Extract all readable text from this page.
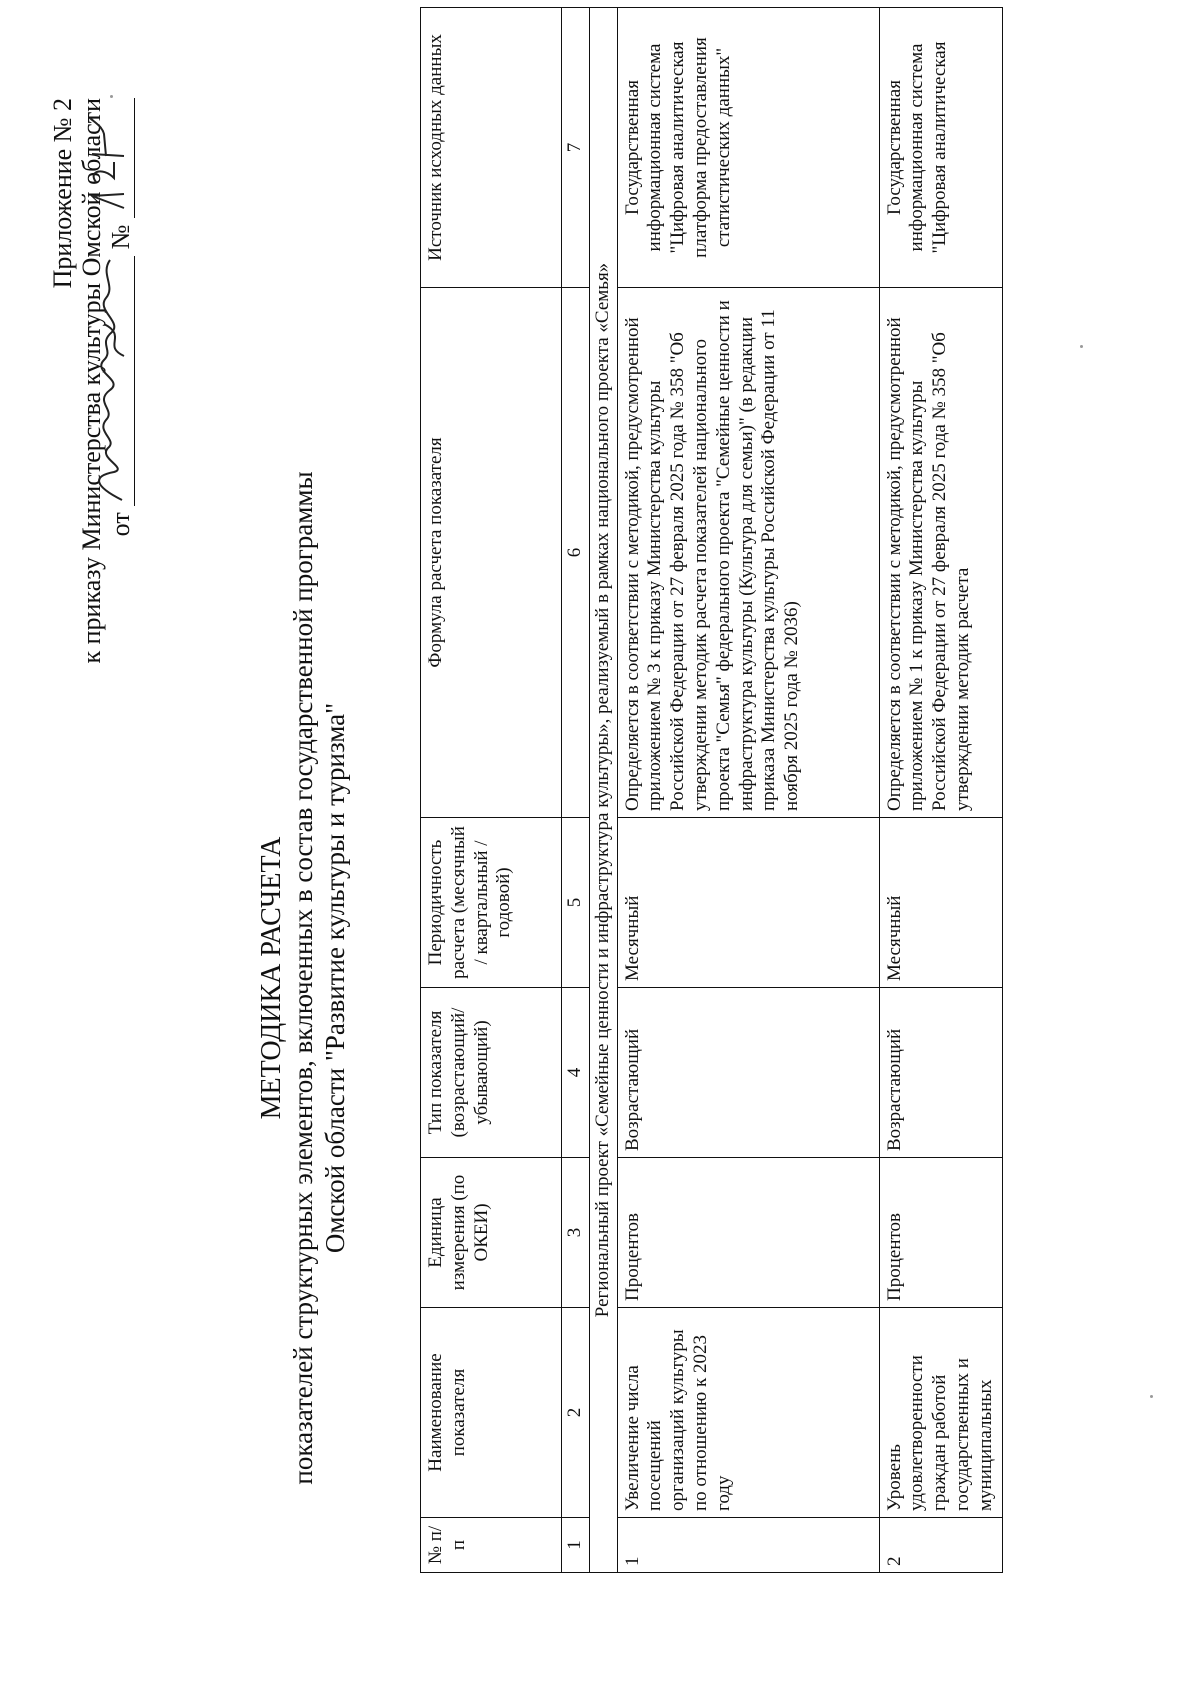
Приложение № 2 к приказу Министерства культуры Омской области от
№
МЕТОДИКА РАСЧЕТА показателей структурных элементов, включенных в состав государственной программы Омской области "Развитие культуры и туризма"
№ п/п	Наименование показателя	Единица измерения (по ОКЕИ)	Тип показателя (возрастающий/ убывающий)	Периодичность расчета (месячный / квартальный / годовой)	Формула расчета показателя	Источник исходных данных
1	2	3	4	5	6	7
Региональный проект «Семейные ценности и инфраструктура культуры», реализуемый в рамках национального проекта «Семья»						
1	Увеличение числа посещений организаций культуры по отношению к 2023 году	Процентов	Возрастающий	Месячный	Определяется в соответствии с методикой, предусмотренной приложением № 3 к приказу Министерства культуры Российской Федерации от 27 февраля 2025 года № 358 "Об утверждении методик расчета показателей национального проекта "Семья" федерального проекта "Семейные ценности и инфраструктура культуры (Культура для семьи)" (в редакции приказа Министерства культуры Российской Федерации от 11 ноября 2025 года № 2036)	Государственная информационная система "Цифровая аналитическая платформа предоставления статистических данных"
2	Уровень удовлетворенности граждан работой государственных и муниципальных	Процентов	Возрастающий	Месячный	Определяется в соответствии с методикой, предусмотренной приложением № 1 к приказу Министерства культуры Российской Федерации от 27 февраля 2025 года № 358 "Об утверждении методик расчета	Государственная информационная система "Цифровая аналитическая
